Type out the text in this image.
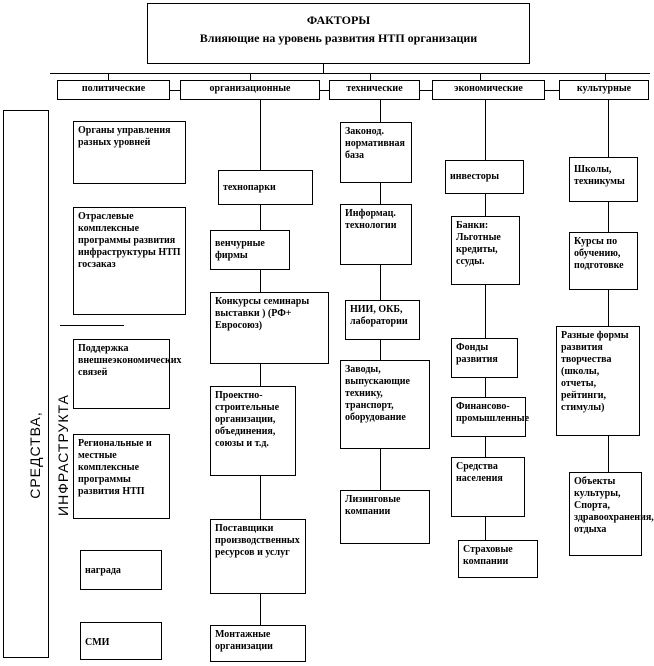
ФАКТОРЫ
Влияющие на уровень развития НТП организации
СРЕДСТВА, ИНФРАСТРУКТА
политические	организационные	технические	экономические	культурные
Органы управления разных уровней
Отраслевые комплексные программы развития инфраструктуры НТП госзаказ
Поддержка внешнеэкономических связей
Региональные и местные комплексные программы развития НТП
награда
СМИ
технопарки
венчурные фирмы
Конкурсы семинары выставки ) (РФ+ Евросоюз)
Проектно-строительные организации, объединения, союзы и т.д.
Поставщики производственных ресурсов и услуг
Монтажные организации
Законод. нормативная база
Информац. технологии
НИИ, ОКБ, лаборатории
Заводы, выпускающие технику, транспорт, оборудование
Лизинговые компании
инвесторы
Банки: Льготные кредиты, ссуды.
Фонды развития
Финансово-промышленные
Средства населения
Страховые компании
Школы, техникумы
Курсы по обучению, подготовке
Разные формы развития творчества (школы, отчеты, рейтинги, стимулы)
Объекты культуры, Спорта, здравоохранения, отдыха
